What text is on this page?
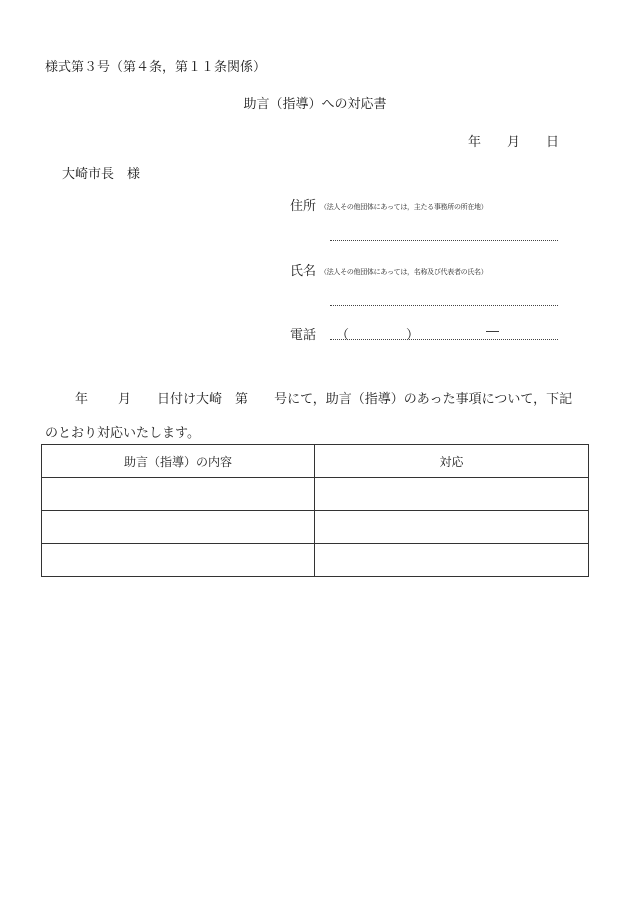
様式第３号（第４条，第１１条関係）
助言（指導）への対応書
年 月 日
大崎市長　様
住所 （法人その他団体にあっては，主たる事務所の所在地）
氏名 （法人その他団体にあっては，名称及び代表者の氏名）
電話 （	）	―
年 月 日付け大崎 第 号にて，助言（指導）のあった事項について，下記
のとおり対応いたします。
助言（指導）の内容	対応
